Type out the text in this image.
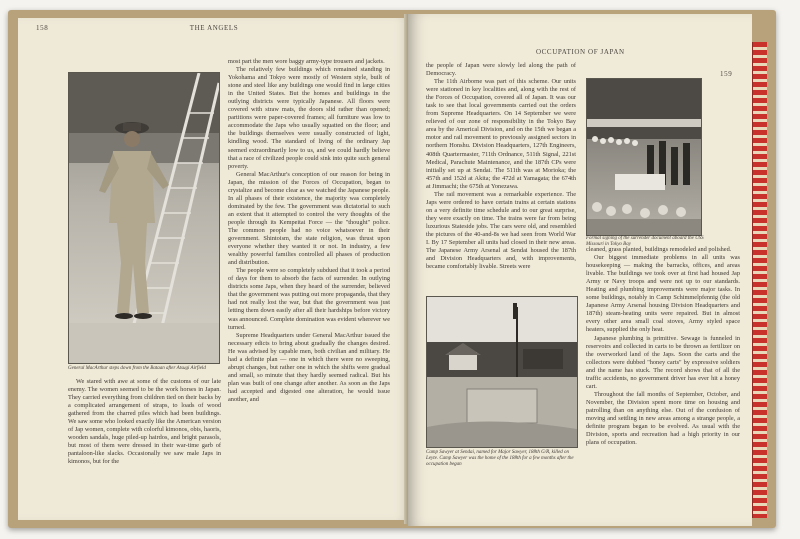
158	THE ANGELS
General MacArthur steps down from the Bataan after Atsugi Airfield

We stared with awe at some of the customs of our late enemy. The women seemed to be the work horses in Japan. They carried everything from children tied on their backs by a complicated arrangement of straps, to loads of wood gathered from the charred piles which had been buildings. We saw some who looked exactly like the American version of Jap women, complete with colorful kimonos, obis, haoris, wooden sandals, huge piled-up hairdos, and bright parasols, but most of them were dressed in their war-time garb of pantaloon-like slacks. Occasionally we saw male Japs in kimonos, but for the

most part the men wore baggy army-type trousers and jackets.

The relatively few buildings which remained standing in Yokohama and Tokyo were mostly of Western style, built of stone and steel like any buildings one would find in large cities in the United States. But the homes and buildings in the outlying districts were typically Japanese. All floors were covered with straw mats, the doors slid rather than opened; partitions were paper-covered frames; all furniture was low to accommodate the Japs who usually squatted on the floor; and the buildings themselves were usually constructed of light, kindling wood. The standard of living of the ordinary Jap seemed extraordinarily low to us, and we could hardly believe that a race of civilized people could sink into quite such general poverty.

General MacArthur's conception of our reason for being in Japan, the mission of the Forces of Occupation, began to crystalize and become clear as we watched the Japanese people. In all phases of their existence, the majority was completely dominated by the few. The government was dictatorial to such an extent that it attempted to control the very thoughts of the people through its Kempeitai Force — the "thought" police. The common people had no voice whatsoever in their government. Shintoism, the state religion, was thrust upon everyone whether they wanted it or not. In industry, a few wealthy powerful families controlled all phases of production and distribution.

The people were so completely subdued that it took a period of days for them to absorb the facts of surrender. In outlying districts some Japs, when they heard of the surrender, believed that the government was putting out more propaganda, that they had not really lost the war, but that the government was just letting them down easily after all their hardships before victory was announced. Complete domination was evident wherever we turned.

Supreme Headquarters under General MacArthur issued the necessary edicts to bring about gradually the changes desired. He was advised by capable men, both civilian and military. He had a definite plan — one in which there were no sweeping, abrupt changes, but rather one in which the shifts were gradual and small, so minute that they hardly seemed radical. But his plan was built of one change after another. As soon as the Japs had accepted and digested one alteration, he would issue another, and

OCCUPATION OF JAPAN
159

the people of Japan were slowly led along the path of Democracy.

The 11th Airborne was part of this scheme. Our units were stationed in key localities and, along with the rest of the Forces of Occupation, covered all of Japan. It was our task to see that local governments carried out the orders from Supreme Headquarters. On 14 September we were relieved of our zone of responsibility in the Tokyo Bay area by the Americal Division, and on the 15th we began a motor and rail movement to previously assigned sectors in northern Honshu. Division Headquarters, 127th Engineers, 408th Quartermaster, 711th Ordnance, 511th Signal, 221st Medical, Parachute Maintenance, and the 187th CPs were initially set up at Sendai. The 511th was at Morioka; the 457th and 152d at Akita; the 472d at Yamagata; the 674th at Jimmachi; the 675th at Yonezawa.

The rail movement was a remarkable experience. The Japs were ordered to have certain trains at certain stations on a very definite time schedule and to our great surprise, they were exactly on time. The trains were far from being luxurious Stateside jobs. The cars were old, and resembled the pictures of the 40-and-8s we had seen from World War I. By 17 September all units had closed in their new areas. The Japanese Army Arsenal at Sendai housed the 187th and Division Headquarters and, with improvements, became comfortably livable. Streets were

Formal signing of the surrender document aboard the USS Missouri in Tokyo Bay
Camp Sawyer at Sendai, named for Major Sawyer, 188th G/R, killed on Leyte. Camp Sawyer was the home of the 188th for a few months after the occupation began

cleaned, grass planted, buildings remodeled and polished.

Our biggest immediate problems in all units was housekeeping — making the barracks, offices, and areas livable. The buildings we took over at first had housed Jap Army or Navy troops and were not up to our standards. Heating and plumbing improvements were major tasks. In some buildings, notably in Camp Schimmelpfennig (the old Japanese Army Arsenal housing Division Headquarters and 187th) steam-heating units were repaired. But in almost every other area small coal stoves, Army styled space heaters, supplied the only heat.

Japanese plumbing is primitive. Sewage is funneled in reservoirs and collected in carts to be thrown as fertilizer on the overworked land of the Japs. Soon the carts and the collectors were dubbed "honey carts" by expressive soldiers and the name has stuck. The record shows that of all the traffic accidents, no government driver has ever hit a honey cart.

Throughout the fall months of September, October, and November, the Division spent more time on housing and patrolling than on anything else. Out of the confusion of moving and settling in new areas among a strange people, a definite program began to be evolved. As usual with the Division, sports and recreation had a high priority in our plans of occupation.
